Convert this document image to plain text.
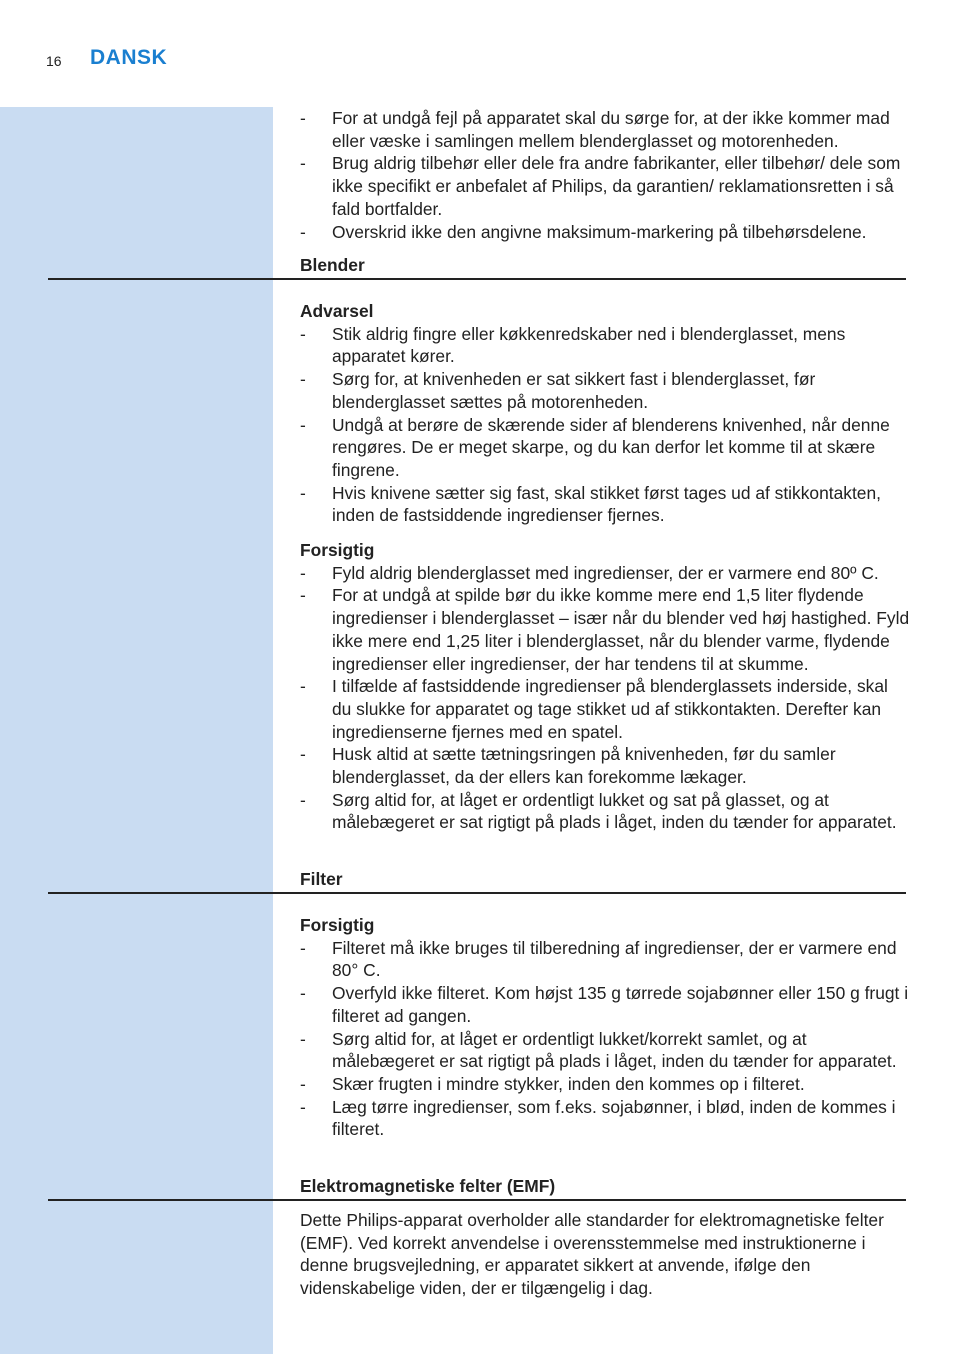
16 DANSK
- For at undgå fejl på apparatet skal du sørge for, at der ikke kommer mad eller væske i samlingen mellem blenderglasset og motorenheden.
- Brug aldrig tilbehør eller dele fra andre fabrikanter, eller tilbehør/ dele som ikke specifikt er anbefalet af Philips, da garantien/ reklamationsretten i så fald bortfalder.
- Overskrid ikke den angivne maksimum-markering på tilbehørsdelene.
Blender
Advarsel
- Stik aldrig fingre eller køkkenredskaber ned i blenderglasset, mens apparatet kører.
- Sørg for, at knivenheden er sat sikkert fast i blenderglasset, før blenderglasset sættes på motorenheden.
- Undgå at berøre de skærende sider af blenderens knivenhed, når denne rengøres. De er meget skarpe, og du kan derfor let komme til at skære fingrene.
- Hvis knivene sætter sig fast, skal stikket først tages ud af stikkontakten, inden de fastsiddende ingredienser fjernes.
Forsigtig
- Fyld aldrig blenderglasset med ingredienser, der er varmere end 80º C.
- For at undgå at spilde bør du ikke komme mere end 1,5 liter flydende ingredienser i blenderglasset – især når du blender ved høj hastighed. Fyld ikke mere end 1,25 liter i blenderglasset, når du blender varme, flydende ingredienser eller ingredienser, der har tendens til at skumme.
- I tilfælde af fastsiddende ingredienser på blenderglassets inderside, skal du slukke for apparatet og tage stikket ud af stikkontakten. Derefter kan ingredienserne fjernes med en spatel.
- Husk altid at sætte tætningsringen på knivenheden, før du samler blenderglasset, da der ellers kan forekomme lækager.
- Sørg altid for, at låget er ordentligt lukket og sat på glasset, og at målebægeret er sat rigtigt på plads i låget, inden du tænder for apparatet.
Filter
Forsigtig
- Filteret må ikke bruges til tilberedning af ingredienser, der er varmere end 80° C.
- Overfyld ikke filteret. Kom højst 135 g tørrede sojabønner eller 150 g frugt i filteret ad gangen.
- Sørg altid for, at låget er ordentligt lukket/korrekt samlet, og at målebægeret er sat rigtigt på plads i låget, inden du tænder for apparatet.
- Skær frugten i mindre stykker, inden den kommes op i filteret.
- Læg tørre ingredienser, som f.eks. sojabønner, i blød, inden de kommes i filteret.
Elektromagnetiske felter (EMF)

Dette Philips-apparat overholder alle standarder for elektromagnetiske felter (EMF). Ved korrekt anvendelse i overensstemmelse med instruktionerne i denne brugsvejledning, er apparatet sikkert at anvende, ifølge den videnskabelige viden, der er tilgængelig i dag.
